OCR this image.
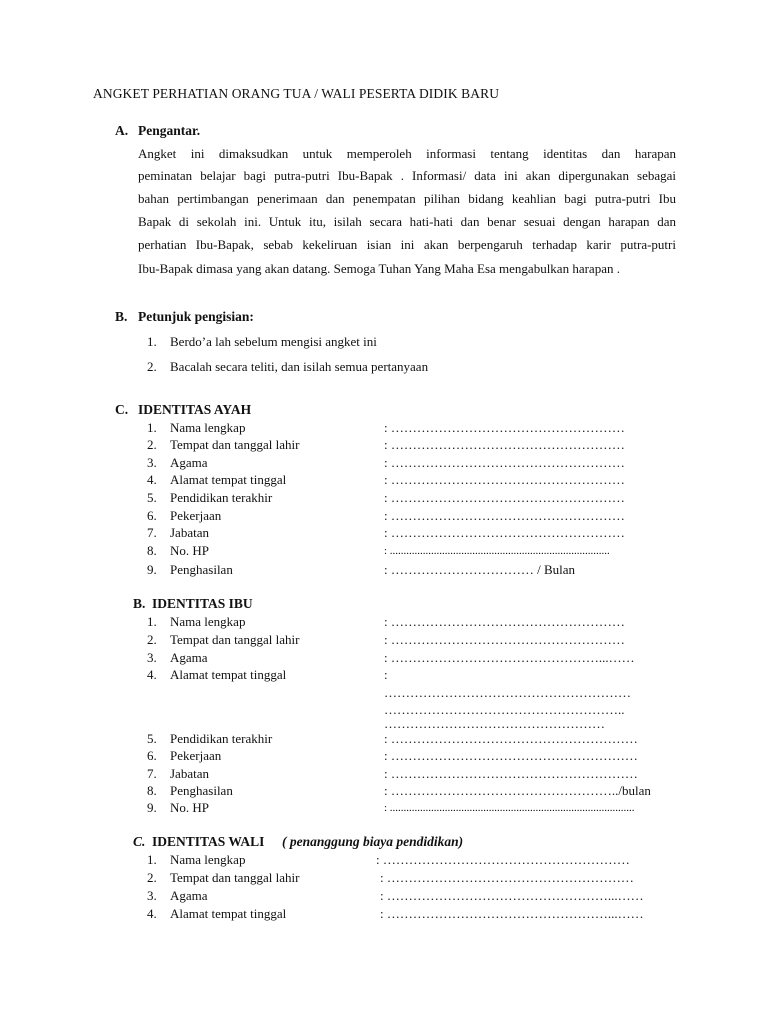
ANGKET PERHATIAN ORANG TUA / WALI PESERTA DIDIK BARU
A. Pengantar.
Angket ini dimaksudkan untuk memperoleh informasi tentang identitas dan harapan
peminatan belajar bagi putra-putri Ibu-Bapak . Informasi/ data ini akan dipergunakan sebagai
bahan pertimbangan penerimaan dan penempatan pilihan bidang keahlian bagi putra-putri Ibu
Bapak di sekolah ini. Untuk itu, isilah secara hati-hati dan benar sesuai dengan harapan dan
perhatian Ibu-Bapak, sebab kekeliruan isian ini akan berpengaruh terhadap karir putra-putri
Ibu-Bapak dimasa yang akan datang. Semoga Tuhan Yang Maha Esa mengabulkan harapan .
B. Petunjuk pengisian:
1. Berdo’a lah sebelum mengisi angket ini
2. Bacalah secara teliti, dan isilah semua pertanyaan
C. IDENTITAS AYAH
1. Nama lengkap	: ………………………………………………
2. Tempat dan tanggal lahir	: ………………………………………………
3. Agama	: ………………………………………………
4. Alamat tempat tinggal	: ………………………………………………
5. Pendidikan terakhir	: ………………………………………………
6. Pekerjaan	: ………………………………………………
7. Jabatan	: ………………………………………………
8. No. HP	: ................................................................................
9. Penghasilan	: …………………………… / Bulan
B. IDENTITAS IBU
1. Nama lengkap	: ………………………………………………
2. Tempat dan tanggal lahir	: ………………………………………………
3. Agama	: …………………………………………...……
4. Alamat tempat tinggal	:
…………………………………………………
………………………………………………..
……………………………………………
5. Pendidikan terakhir	: …………………………………………………
6. Pekerjaan	: …………………………………………………
7. Jabatan	: …………………………………………………
8. Penghasilan	: ……………………………………………../bulan
9. No. HP	: .........................................................................................
C. IDENTITAS WALI ( penanggung biaya pendidikan)
1. Nama lengkap	: …………………………………………………
2. Tempat dan tanggal lahir	: …………………………………………………
3. Agama	: ……………………………………………...……
4. Alamat tempat tinggal	: ……………………………………………...……
